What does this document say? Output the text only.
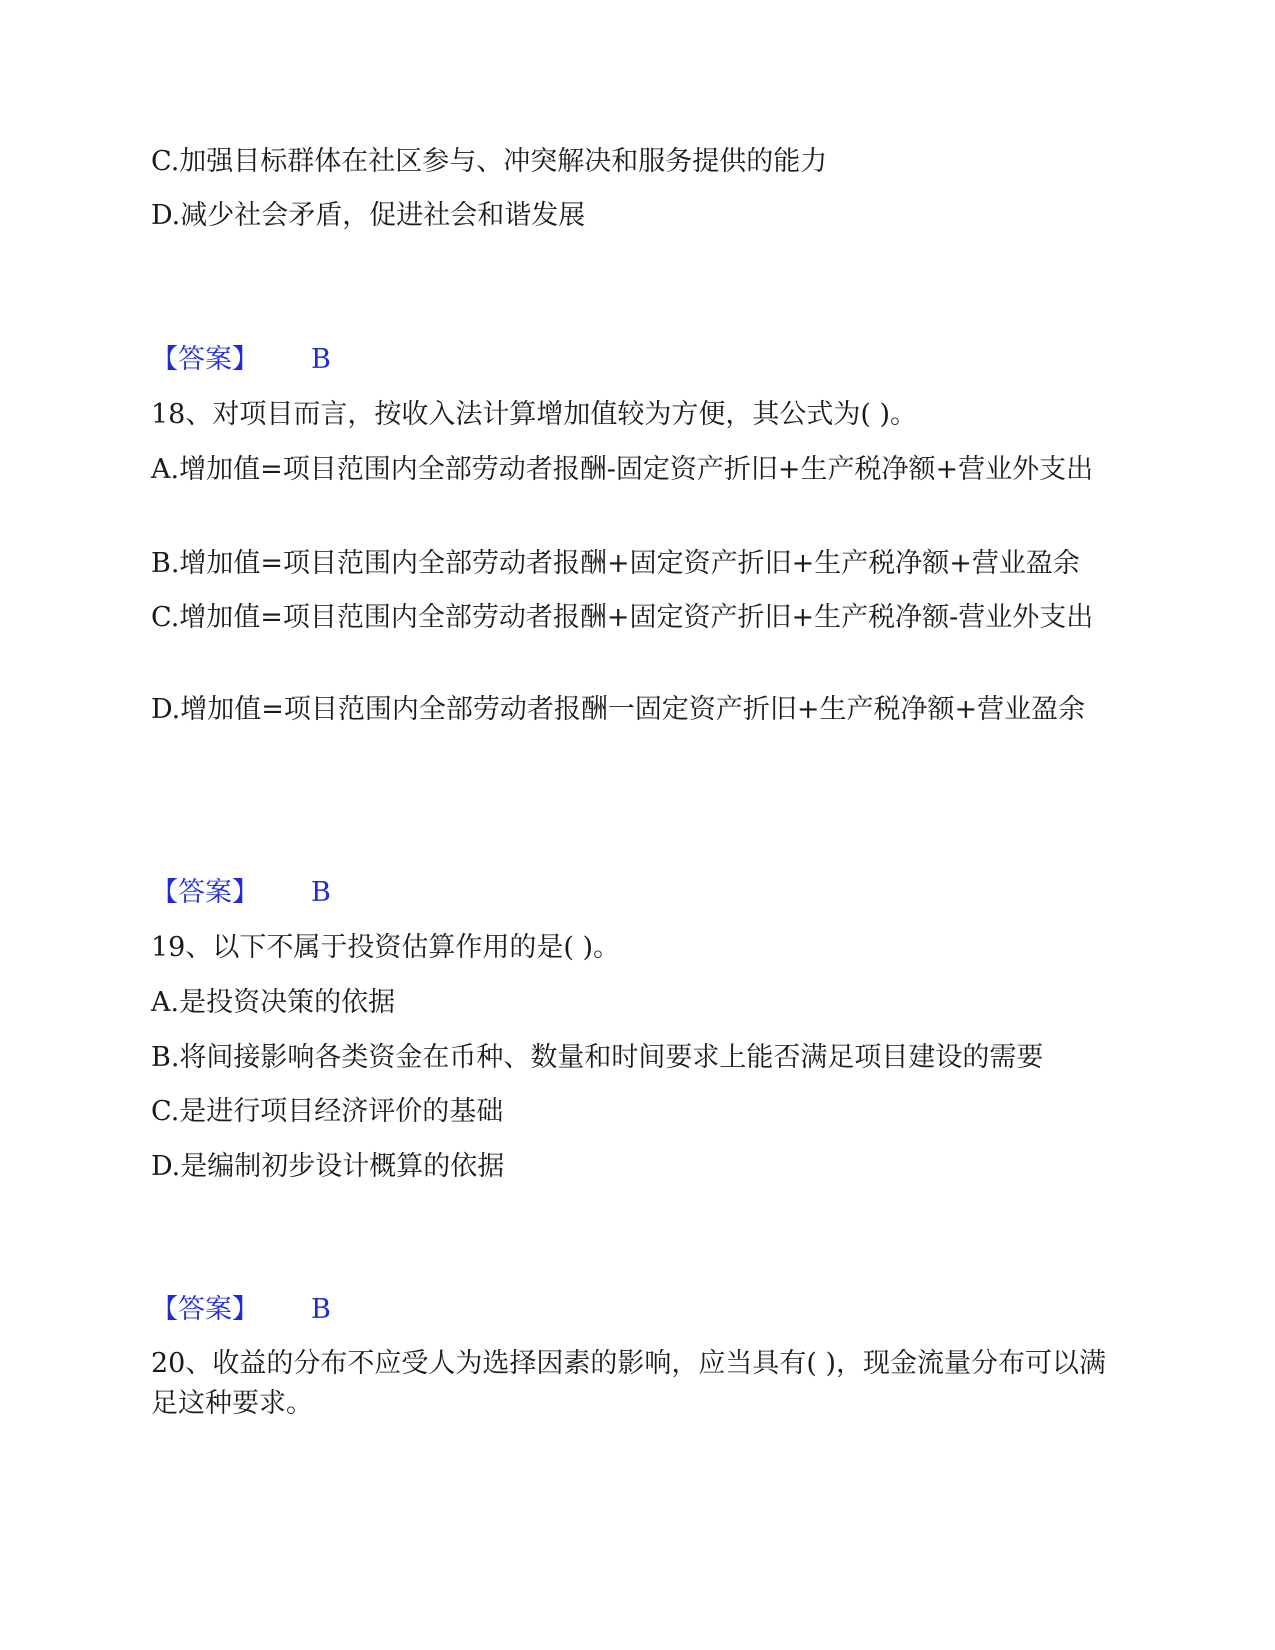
C.加强目标群体在社区参与、冲突解决和服务提供的能力
D.减少社会矛盾，促进社会和谐发展
【答案】 B
18、对项目而言，按收入法计算增加值较为方便，其公式为( )。
A.增加值=项目范围内全部劳动者报酬-固定资产折旧+生产税净额+营业外支出
B.增加值=项目范围内全部劳动者报酬+固定资产折旧+生产税净额+营业盈余
C.增加值=项目范围内全部劳动者报酬+固定资产折旧+生产税净额-营业外支出
D.增加值=项目范围内全部劳动者报酬一固定资产折旧+生产税净额+营业盈余
【答案】 B
19、以下不属于投资估算作用的是( )。
A.是投资决策的依据
B.将间接影响各类资金在币种、数量和时间要求上能否满足项目建设的需要
C.是进行项目经济评价的基础
D.是编制初步设计概算的依据
【答案】 B
20、收益的分布不应受人为选择因素的影响，应当具有( )，现金流量分布可以满足这种要求。
